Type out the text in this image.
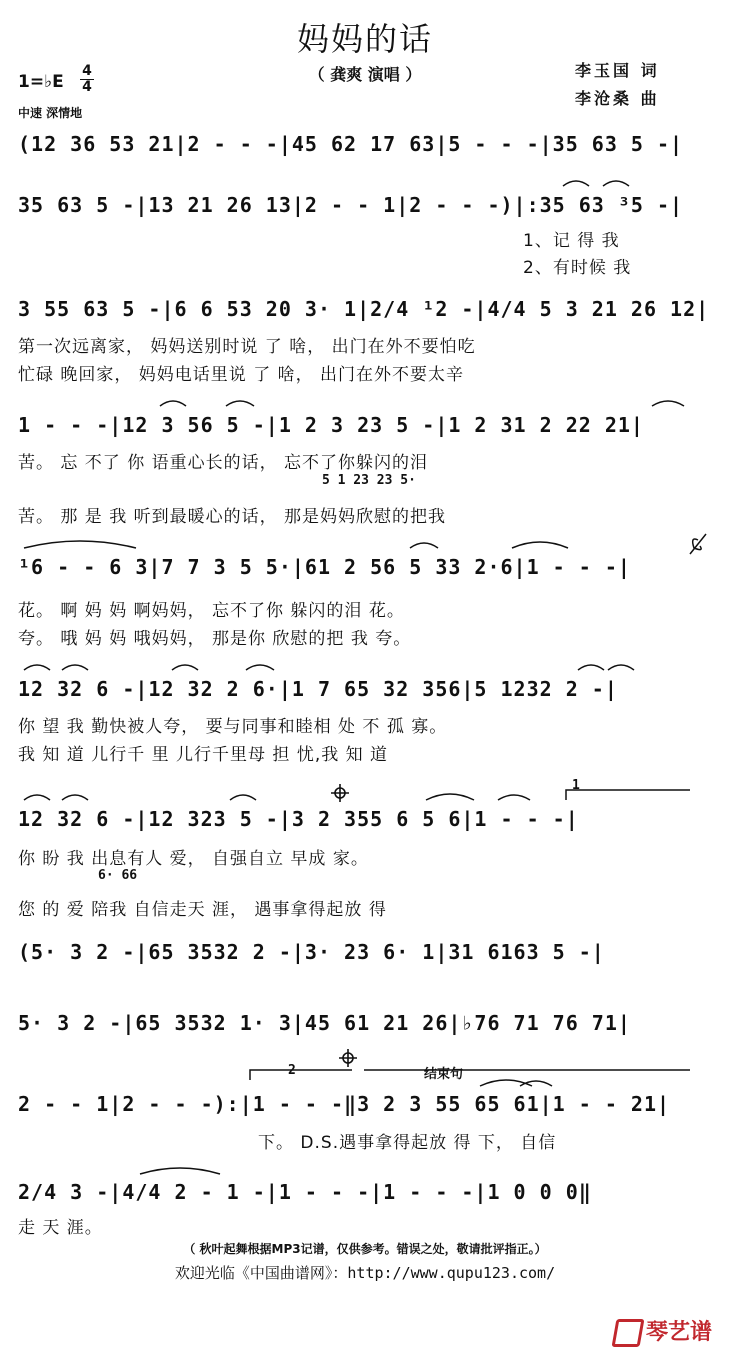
妈妈的话
（ 龚爽 演唱 ）	李玉国 词
李沧桑 曲
1=♭E
4
4
中速 深情地
(12 36 53 21|2 - - -|45 62 17 63|5 - - -|35 63 5 -|
35 63 5 -|13 21 26 13|2 - - 1|2 - - -)|:35 63 ³5 -|
1、记 得 我
2、有时候 我
3 55 63 5 -|6 6 53 20 3· 1|2/4 ¹2 -|4/4 5 3 21 26 12|
第一次远离家， 妈妈送别时说 了 啥， 出门在外不要怕吃
忙碌 晚回家， 妈妈电话里说 了 啥， 出门在外不要太辛
1 - - -|12 3 56 5 -|1 2 3 23 5 -|1 2 31 2 22 21|
苦。 忘 不了 你 语重心长的话， 忘不了你躲闪的泪
5 1 23 23 5·
苦。 那 是 我 听到最暖心的话， 那是妈妈欣慰的把我
¹6 - - 6 3|7 7 3 5 5·|61 2 56 5 33 2·6|1 - - -|
花。 啊 妈 妈 啊妈妈， 忘不了你 躲闪的泪 花。
夸。 哦 妈 妈 哦妈妈， 那是你 欣慰的把 我 夸。
12 32 6 -|12 32 2 6·|1 7 65 32 356|5 1232 2 -|
你 望 我 勤快被人夸， 要与同事和睦相 处 不 孤 寡。
我 知 道 儿行千 里 儿行千里母 担 忧,我 知 道
12 32 6 -|12 323 5 -|3 2 355 6 5 6|1 - - -|
1
你 盼 我 出息有人 爱， 自强自立 早成 家。
6· 66
您 的 爱 陪我 自信走天 涯， 遇事拿得起放 得
(5· 3 2 -|65 3532 2 -|3· 23 6· 1|31 6163 5 -|
5· 3 2 -|65 3532 1· 3|45 61 21 26|♭76 71 76 71|
2	结束句
2 - - 1|2 - - -):|1 - - -‖3 2 3 55 65 61|1 - - 21|
下。 D.S.遇事拿得起放 得 下， 自信
2/4 3 -|4/4 2 - 1 -|1 - - -|1 - - -|1 0 0 0‖
走 天 涯。
（ 秋叶起舞根据MP3记谱，仅供参考。错误之处，敬请批评指正。）
欢迎光临《中国曲谱网》：http://www.qupu123.com/
琴艺谱
